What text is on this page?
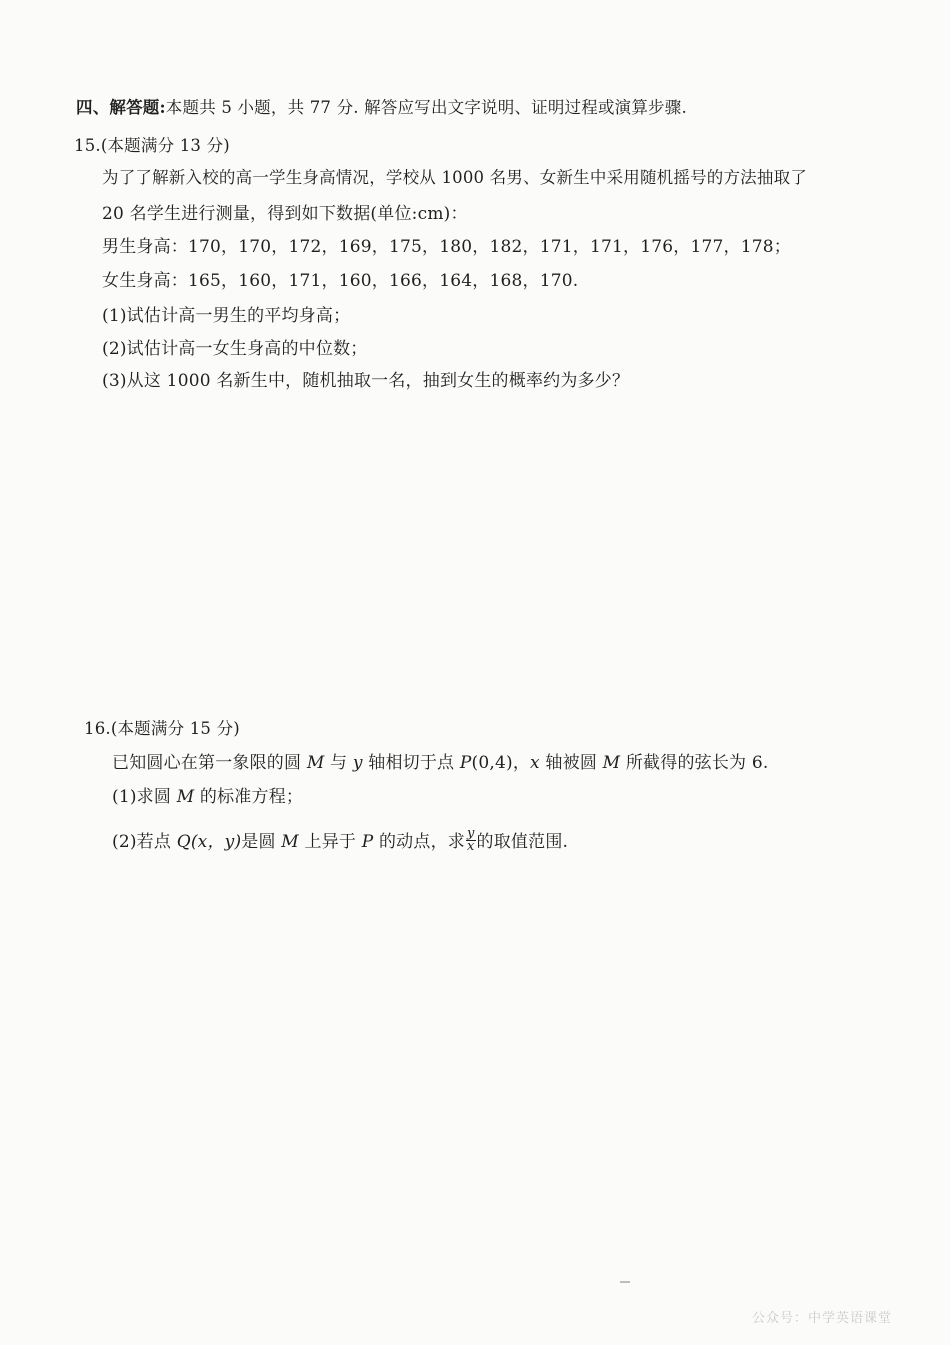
四、解答题:本题共 5 小题，共 77 分. 解答应写出文字说明、证明过程或演算步骤.
15.(本题满分 13 分)
为了了解新入校的高一学生身高情况，学校从 1000 名男、女新生中采用随机摇号的方法抽取了
20 名学生进行测量，得到如下数据(单位:cm)：
男生身高：170，170，172，169，175，180，182，171，171，176，177，178；
女生身高：165，160，171，160，166，164，168，170.
(1)试估计高一男生的平均身高；
(2)试估计高一女生身高的中位数；
(3)从这 1000 名新生中，随机抽取一名，抽到女生的概率约为多少？
16.(本题满分 15 分)
已知圆心在第一象限的圆 M 与 y 轴相切于点 P(0,4)，x 轴被圆 M 所截得的弦长为 6.
(1)求圆 M 的标准方程；
(2)若点 Q(x，y)是圆 M 上异于 P 的动点，求 $\frac{y}{x}$ 的取值范围.
公众号：中学英语课堂
